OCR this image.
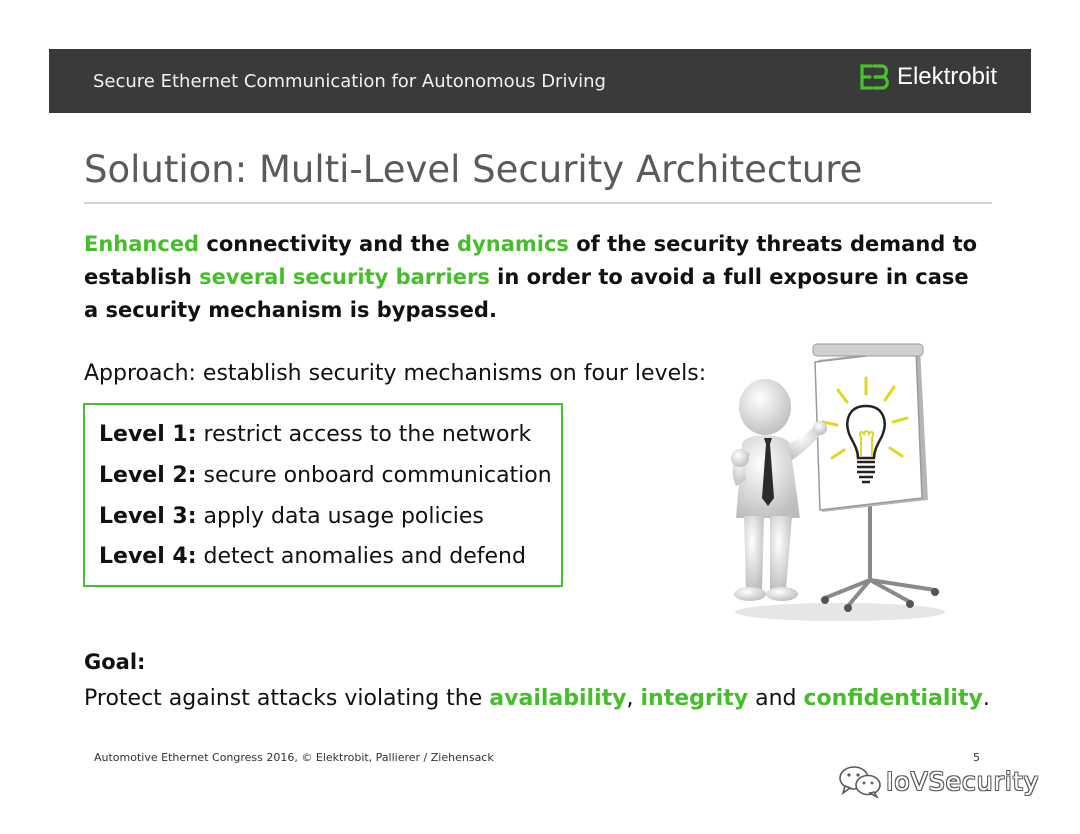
Secure Ethernet Communication for Autonomous Driving	Elektrobit
Solution: Multi-Level Security Architecture
Enhanced connectivity and the dynamics of the security threats demand to establish several security barriers in order to avoid a full exposure in case a security mechanism is bypassed.
Approach: establish security mechanisms on four levels:
Level 1: restrict access to the network
Level 2: secure onboard communication
Level 3: apply data usage policies
Level 4: detect anomalies and defend
Goal:
Protect against attacks violating the availability, integrity and confidentiality.
Automotive Ethernet Congress 2016, © Elektrobit, Pallierer / Ziehensack	5
IoVSecurity
